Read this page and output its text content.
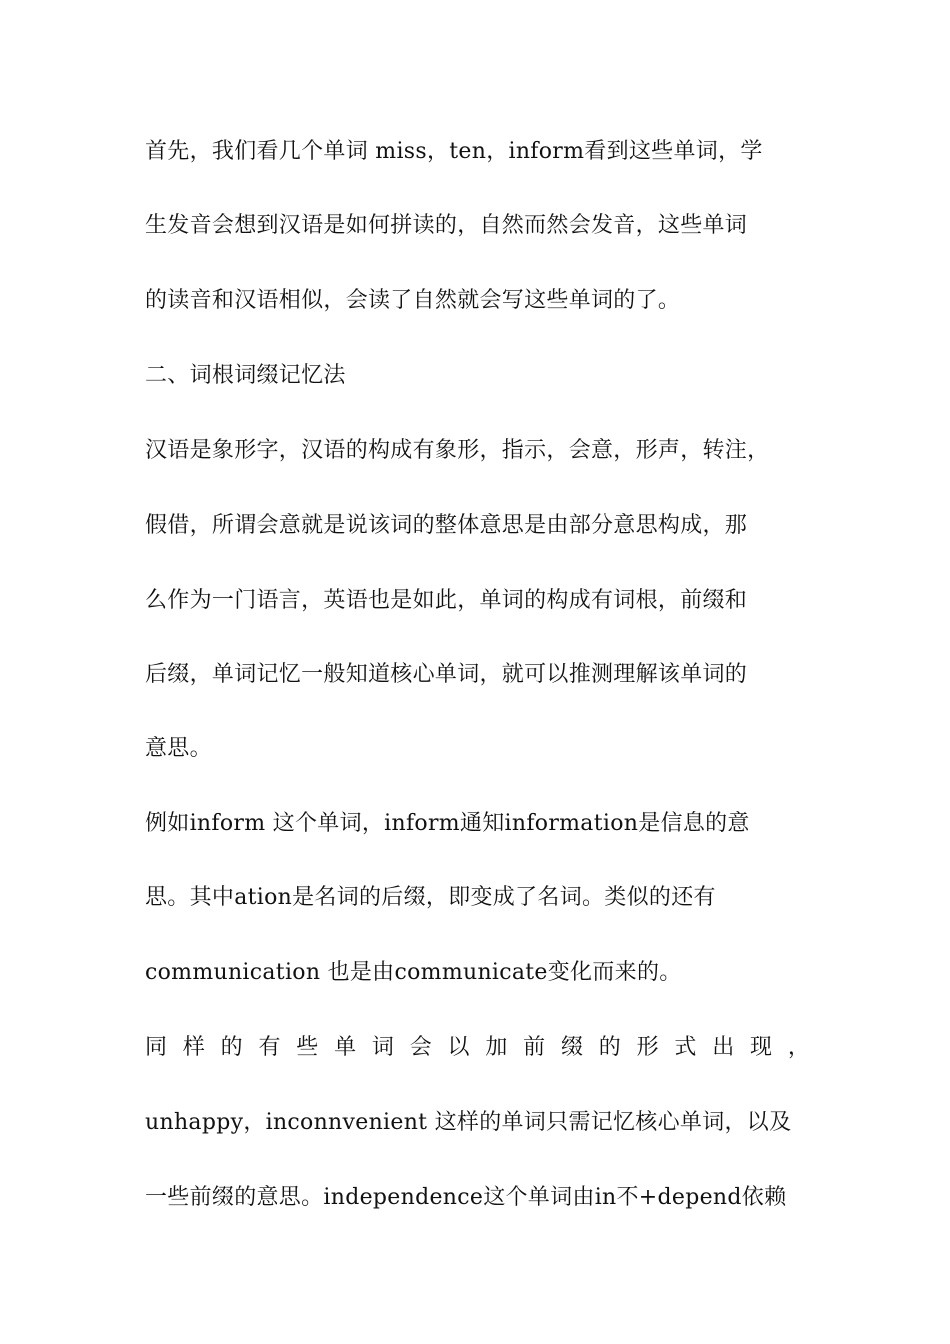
首先，我们看几个单词 miss，ten，inform看到这些单词，学
生发音会想到汉语是如何拼读的，自然而然会发音，这些单词
的读音和汉语相似，会读了自然就会写这些单词的了。
二、词根词缀记忆法
汉语是象形字，汉语的构成有象形，指示，会意，形声，转注，
假借，所谓会意就是说该词的整体意思是由部分意思构成，那
么作为一门语言，英语也是如此，单词的构成有词根，前缀和
后缀，单词记忆一般知道核心单词，就可以推测理解该单词的
意思。
例如inform 这个单词，inform通知information是信息的意
思。其中ation是名词的后缀，即变成了名词。类似的还有
communication 也是由communicate变化而来的。
同 样 的 有 些 单 词 会 以 加 前 缀 的 形 式 出 现 ，
unhappy，inconnvenient 这样的单词只需记忆核心单词，以及
一些前缀的意思。independence这个单词由in不+depend依赖
